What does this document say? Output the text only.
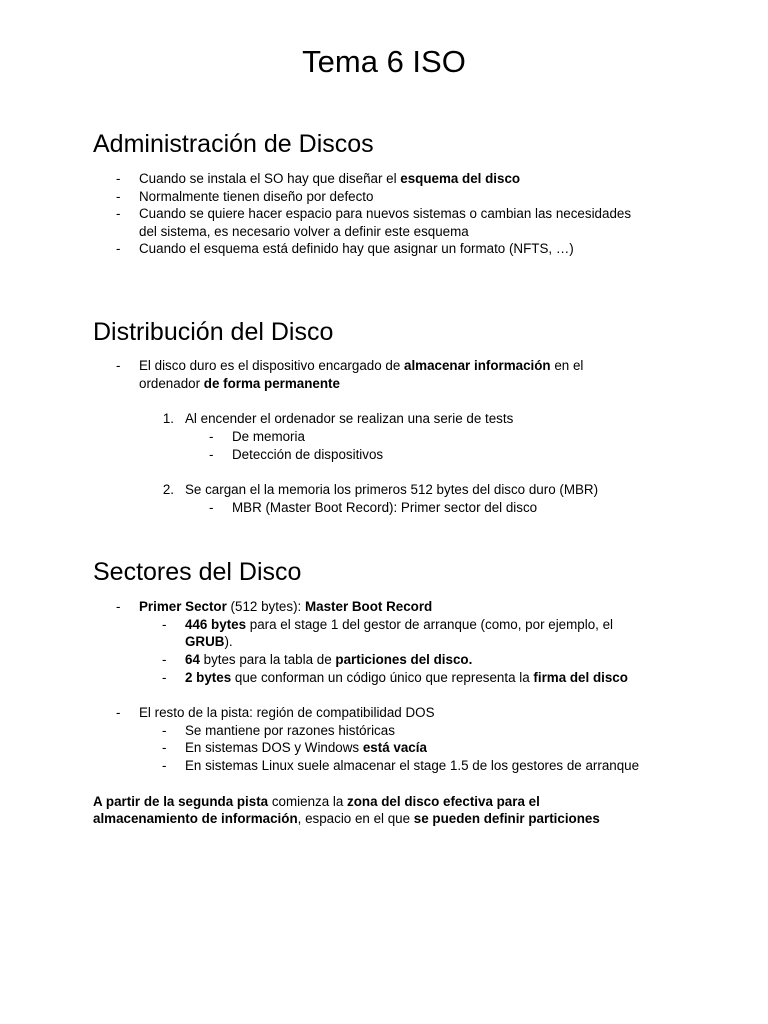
Tema 6 ISO
Administración de Discos
- Cuando se instala el SO hay que diseñar el esquema del disco
- Normalmente tienen diseño por defecto
- Cuando se quiere hacer espacio para nuevos sistemas o cambian las necesidades
del sistema, es necesario volver a definir este esquema
- Cuando el esquema está definido hay que asignar un formato (NFTS, …)
Distribución del Disco
- El disco duro es el dispositivo encargado de almacenar información en el
ordenador de forma permanente
1. Al encender el ordenador se realizan una serie de tests
- De memoria
- Detección de dispositivos
2. Se cargan el la memoria los primeros 512 bytes del disco duro (MBR)
- MBR (Master Boot Record): Primer sector del disco
Sectores del Disco
- Primer Sector (512 bytes): Master Boot Record
- 446 bytes para el stage 1 del gestor de arranque (como, por ejemplo, el
GRUB).
- 64 bytes para la tabla de particiones del disco.
- 2 bytes que conforman un código único que representa la firma del disco
- El resto de la pista: región de compatibilidad DOS
- Se mantiene por razones históricas
- En sistemas DOS y Windows está vacía
- En sistemas Linux suele almacenar el stage 1.5 de los gestores de arranque
A partir de la segunda pista comienza la zona del disco efectiva para el
almacenamiento de información, espacio en el que se pueden definir particiones
